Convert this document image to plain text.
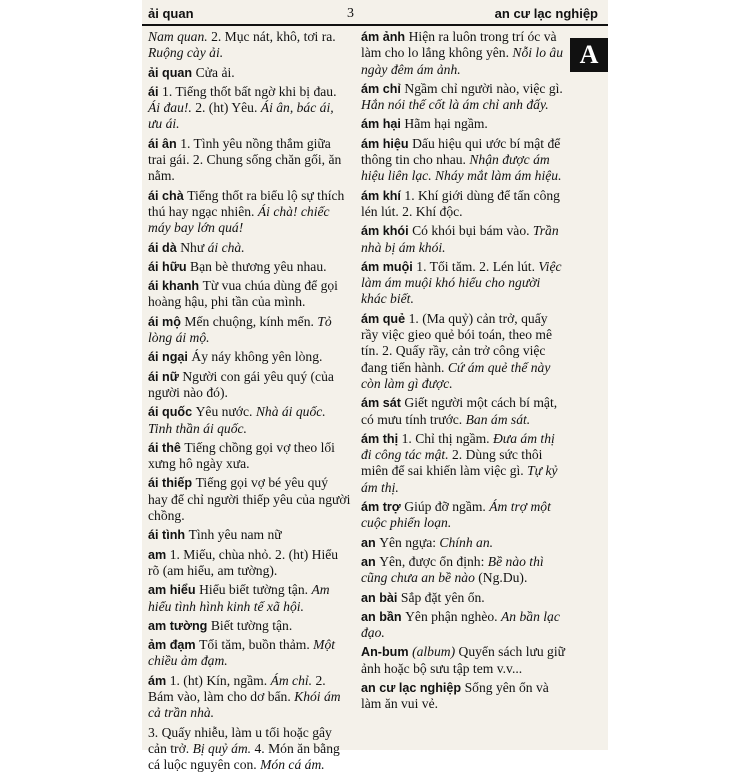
ải quan	3	an cư lạc nghiệp
Nam quan. 2. Mục nát, khô, tơi ra. Ruộng cày ải.
ải quan Cửa ải.
ái 1. Tiếng thốt bất ngờ khi bị đau. Ái đau!. 2. (ht) Yêu. Ái ân, bác ái, ưu ái.
ái ân 1. Tình yêu nồng thắm giữa trai gái. 2. Chung sống chăn gối, ăn nằm.
ái chà Tiếng thốt ra biểu lộ sự thích thú hay ngạc nhiên. Ái chà! chiếc máy bay lớn quá!
ái dà Như ái chà.
ái hữu Bạn bè thương yêu nhau.
ái khanh Từ vua chúa dùng để gọi hoàng hậu, phi tần của mình.
ái mộ Mến chuộng, kính mến. Tỏ lòng ái mộ.
ái ngại Áy náy không yên lòng.
ái nữ Người con gái yêu quý (của người nào đó).
ái quốc Yêu nước. Nhà ái quốc. Tinh thần ái quốc.
ái thê Tiếng chồng gọi vợ theo lối xưng hô ngày xưa.
ái thiếp Tiếng gọi vợ bé yêu quý hay để chỉ người thiếp yêu của người chồng.
ái tình Tình yêu nam nữ
am 1. Miếu, chùa nhỏ. 2. (ht) Hiểu rõ (am hiểu, am tường).
am hiểu Hiểu biết tường tận. Am hiểu tình hình kinh tế xã hội.
am tường Biết tường tận.
ảm đạm Tối tăm, buồn thảm. Một chiều ảm đạm.
ám 1. (ht) Kín, ngầm. Ám chỉ. 2. Bám vào, làm cho dơ bẩn. Khói ám cả trần nhà.
3. Quấy nhiễu, làm u tối hoặc gây cản trở. Bị quỷ ám. 4. Món ăn bằng cá luộc nguyên con. Món cá ám.
ám ảnh Hiện ra luôn trong trí óc và làm cho lo lắng không yên. Nỗi lo âu ngày đêm ám ảnh.
ám chỉ Ngầm chỉ người nào, việc gì. Hắn nói thế cốt là ám chỉ anh đấy.
ám hại Hãm hại ngầm.
ám hiệu Dấu hiệu qui ước bí mật để thông tin cho nhau. Nhận được ám hiệu liên lạc. Nháy mắt làm ám hiệu.
ám khí 1. Khí giới dùng để tấn công lén lút. 2. Khí độc.
ám khói Có khói bụi bám vào. Trần nhà bị ám khói.
ám muội 1. Tối tăm. 2. Lén lút. Việc làm ám muội khó hiểu cho người khác biết.
ám quẻ 1. (Ma quỷ) cản trở, quấy rầy việc gieo quẻ bói toán, theo mê tín. 2. Quấy rầy, cản trở công việc đang tiến hành. Cứ ám quẻ thế này còn làm gì được.
ám sát Giết người một cách bí mật, có mưu tính trước. Ban ám sát.
ám thị 1. Chỉ thị ngầm. Đưa ám thị đi công tác mật. 2. Dùng sức thôi miên để sai khiến làm việc gì. Tự kỷ ám thị.
ám trợ Giúp đỡ ngầm. Ám trợ một cuộc phiến loạn.
an Yên ngựa: Chính an.
an Yên, được ổn định: Bề nào thì cũng chưa an bề nào (Ng.Du).
an bài Sắp đặt yên ổn.
an bần Yên phận nghèo. An bần lạc đạo.
An-bum (album) Quyển sách lưu giữ ảnh hoặc bộ sưu tập tem v.v...
an cư lạc nghiệp Sống yên ổn và làm ăn vui vẻ.
A
